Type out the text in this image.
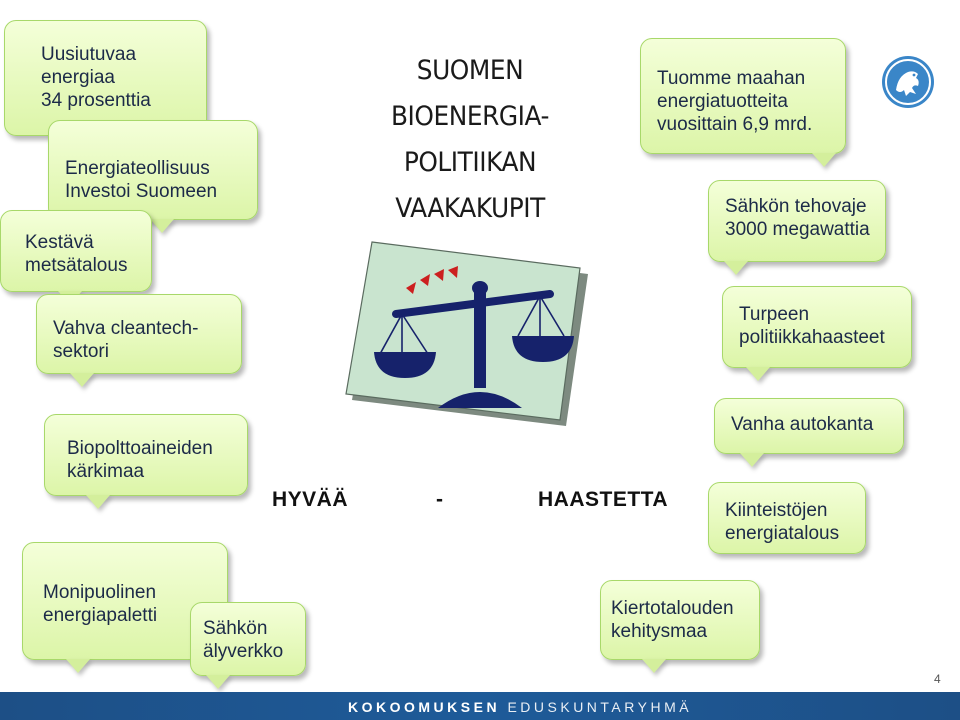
Uusiutuvaa
energiaa
34 prosenttia
Energiateollisuus
Investoi Suomeen
Kestävä
metsätalous
Vahva cleantech-
sektori
Biopolttoaineiden
kärkimaa
Monipuolinen
energiapaletti
Sähkön
älyverkko
SUOMEN
BIOENERGIA-
POLITIIKAN
VAAKAKUPIT
HYVÄÄ	-	HAASTETTA
Tuomme maahan
energiatuotteita
vuosittain 6,9 mrd.
Sähkön tehovaje
3000 megawattia
Turpeen
politiikkahaasteet
Vanha autokanta
Kiinteistöjen
energiatalous
Kiertotalouden
kehitysmaa
4
KOKOOMUKSEN EDUSKUNTARYHMÄ
